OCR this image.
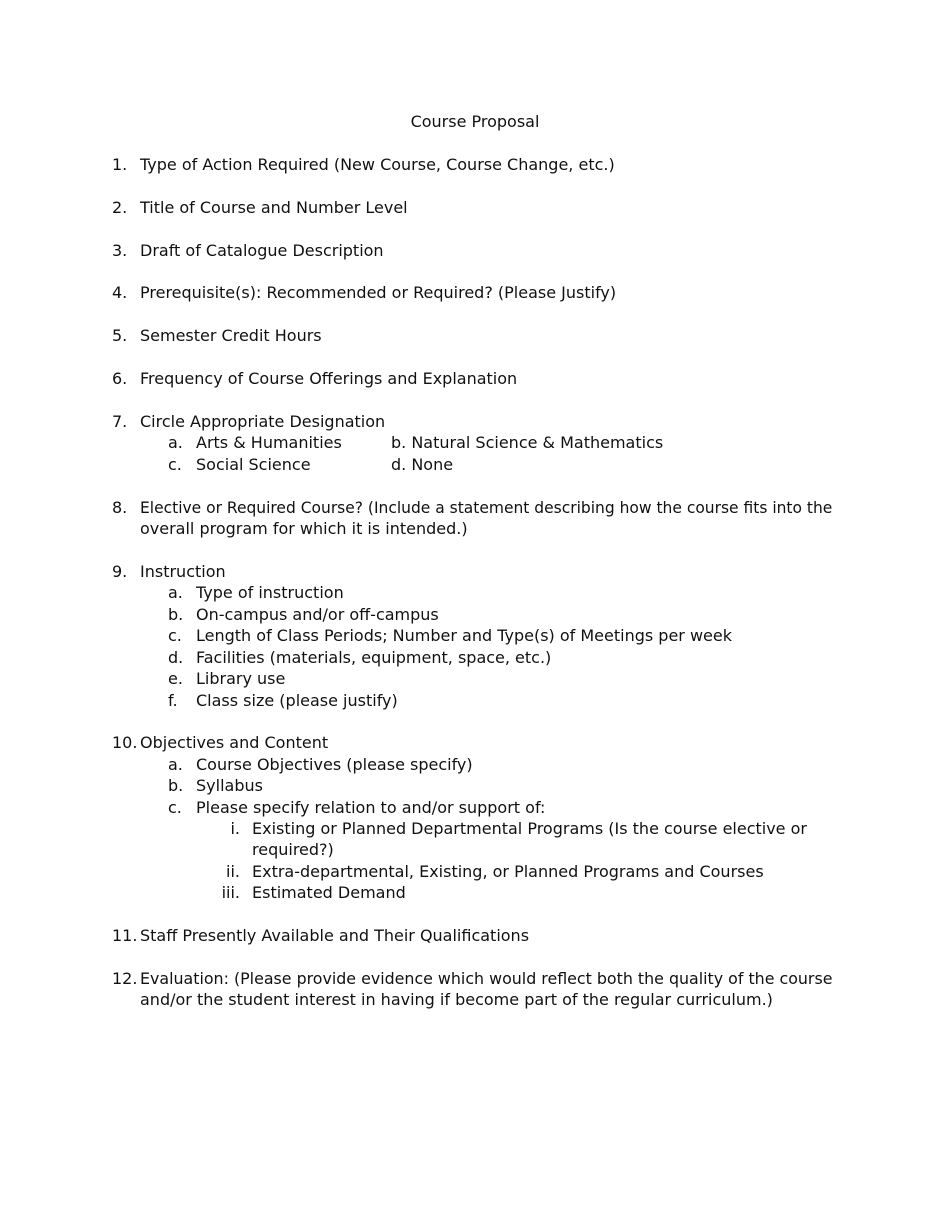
Course Proposal
1. Type of Action Required (New Course, Course Change, etc.)
2. Title of Course and Number Level
3. Draft of Catalogue Description
4. Prerequisite(s): Recommended or Required? (Please Justify)
5. Semester Credit Hours
6. Frequency of Course Offerings and Explanation
7. Circle Appropriate Designation
a. Arts & Humanities	b. Natural Science & Mathematics
c. Social Science	d. None
8. Elective or Required Course? (Include a statement describing how the course fits into the
overall program for which it is intended.)
9. Instruction
a. Type of instruction
b. On-campus and/or off-campus
c. Length of Class Periods; Number and Type(s) of Meetings per week
d. Facilities (materials, equipment, space, etc.)
e. Library use
f. Class size (please justify)
10. Objectives and Content
a. Course Objectives (please specify)
b. Syllabus
c. Please specify relation to and/or support of:
i. Existing or Planned Departmental Programs (Is the course elective or
required?)
ii. Extra-departmental, Existing, or Planned Programs and Courses
iii. Estimated Demand
11. Staff Presently Available and Their Qualifications
12. Evaluation: (Please provide evidence which would reflect both the quality of the course
and/or the student interest in having if become part of the regular curriculum.)
